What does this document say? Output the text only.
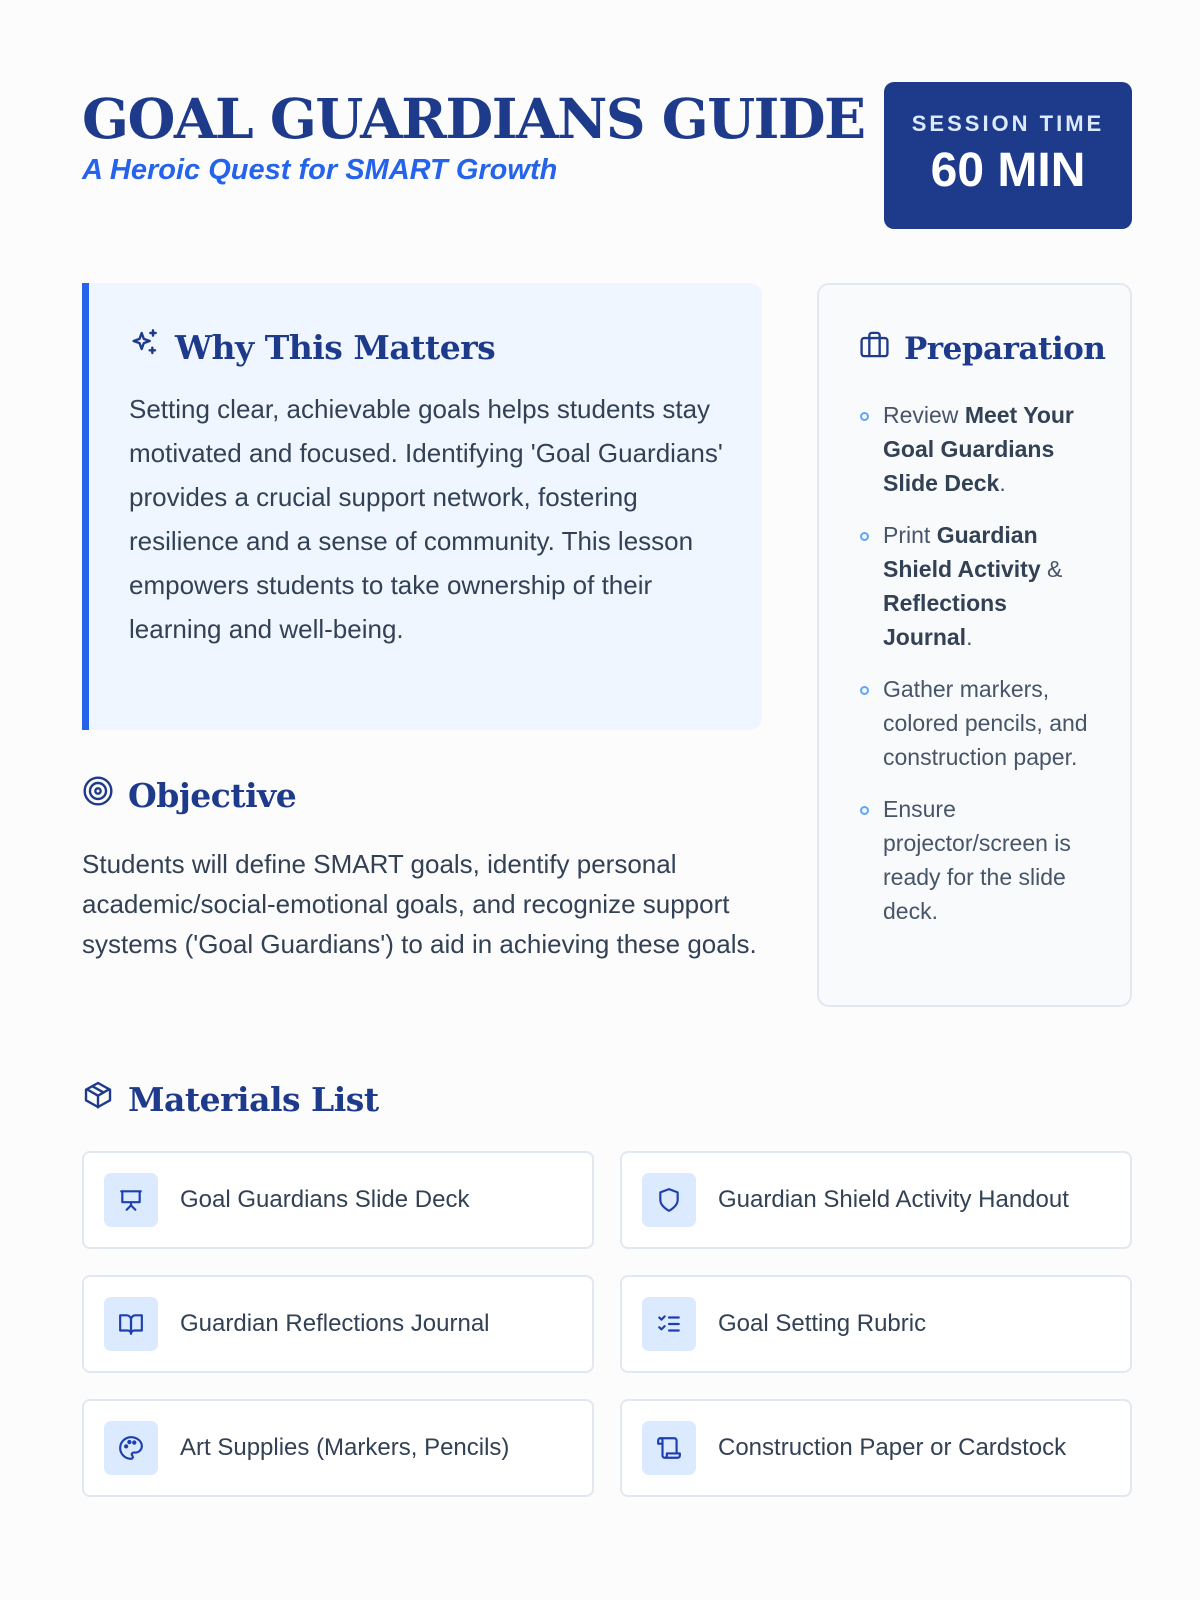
GOAL GUARDIANS GUIDE
A Heroic Quest for SMART Growth
SESSION TIME
60 MIN
Why This Matters

Setting clear, achievable goals helps students stay motivated and focused. Identifying 'Goal Guardians' provides a crucial support network, fostering resilience and a sense of community. This lesson empowers students to take ownership of their learning and well-being.

Objective

Students will define SMART goals, identify personal academic/social-emotional goals, and recognize support systems ('Goal Guardians') to aid in achieving these goals.

Preparation
Review Meet Your Goal Guardians Slide Deck.
Print Guardian Shield Activity & Reflections Journal.
Gather markers, colored pencils, and construction paper.
Ensure projector/screen is ready for the slide deck.
Materials List
Goal Guardians Slide Deck	Guardian Shield Activity Handout
Guardian Reflections Journal	Goal Setting Rubric
Art Supplies (Markers, Pencils)	Construction Paper or Cardstock
